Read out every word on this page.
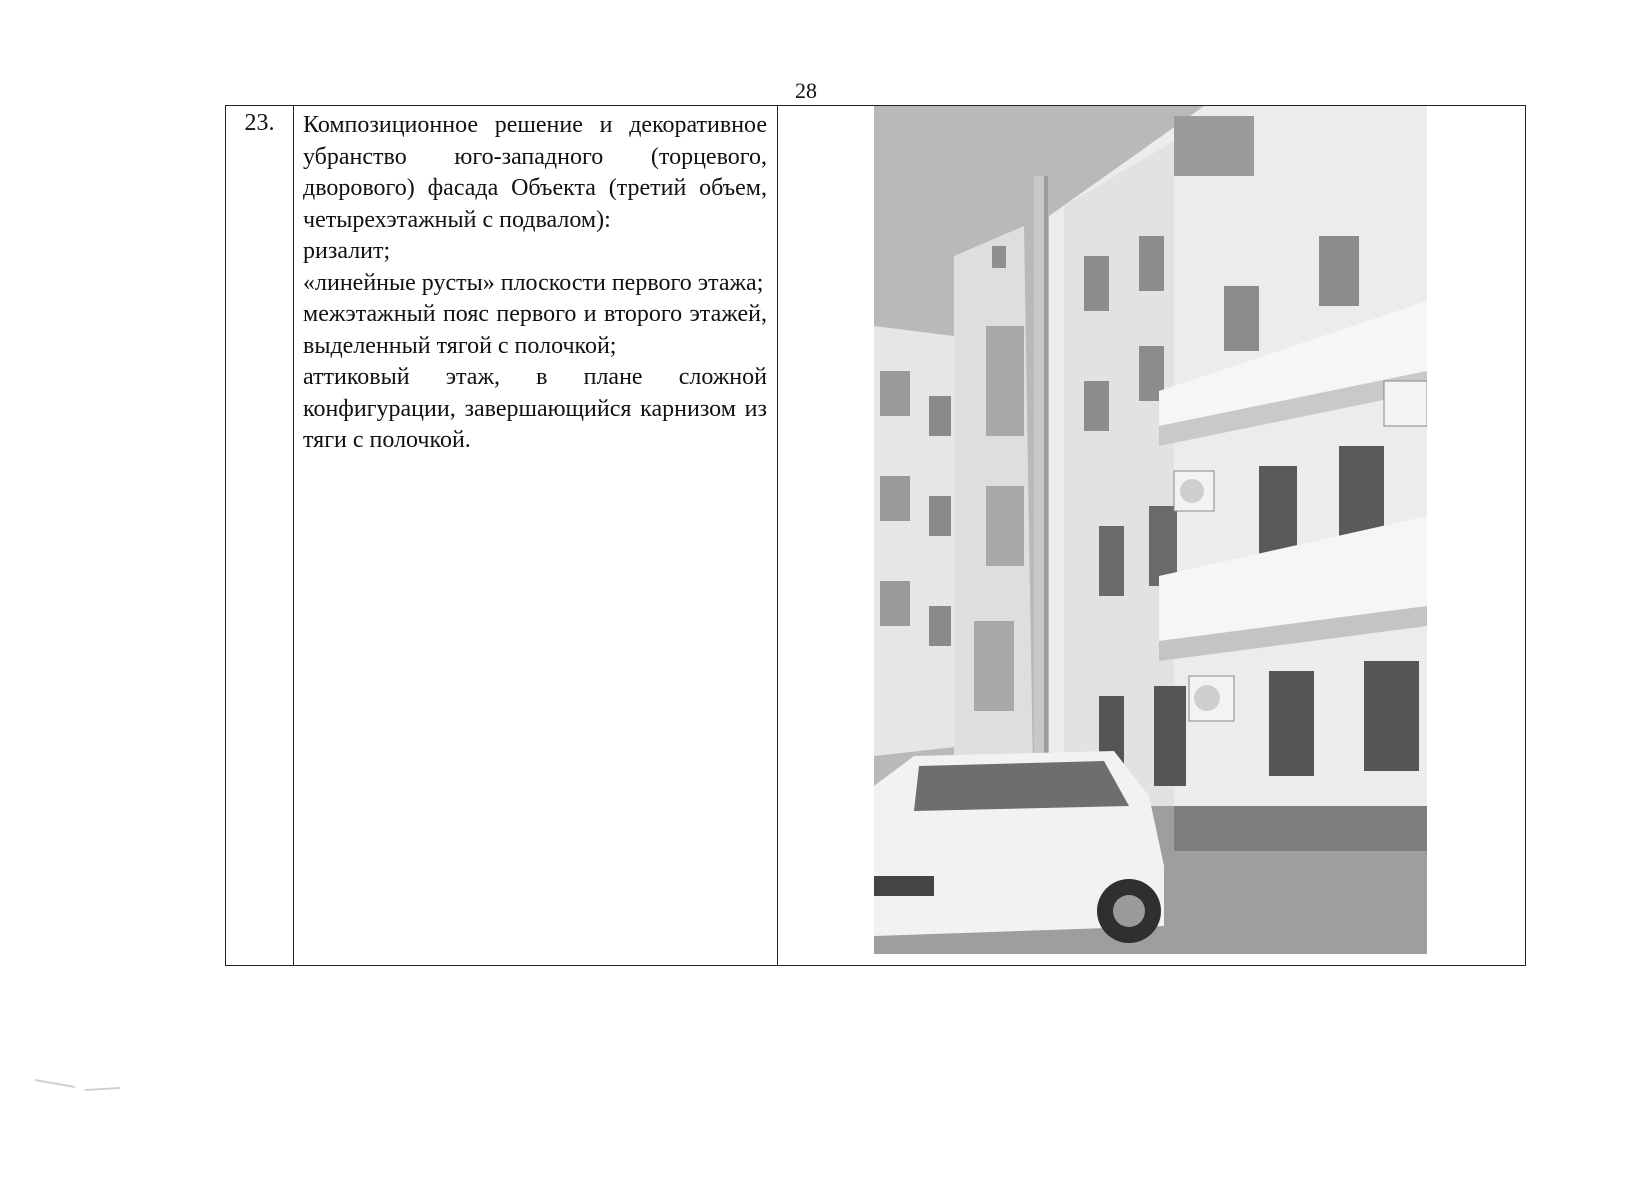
28
23.	Композиционное решение и декоративное убранство юго-западного (торцевого, дворового) фасада Объекта (третий объем, четырехэтажный с подвалом):

ризалит;

«линейные русты» плоскости первого этажа;

межэтажный пояс первого и второго этажей, выделенный тягой с полочкой;

аттиковый этаж, в плане сложной конфигурации, завершающийся карнизом из тяги с полочкой.
